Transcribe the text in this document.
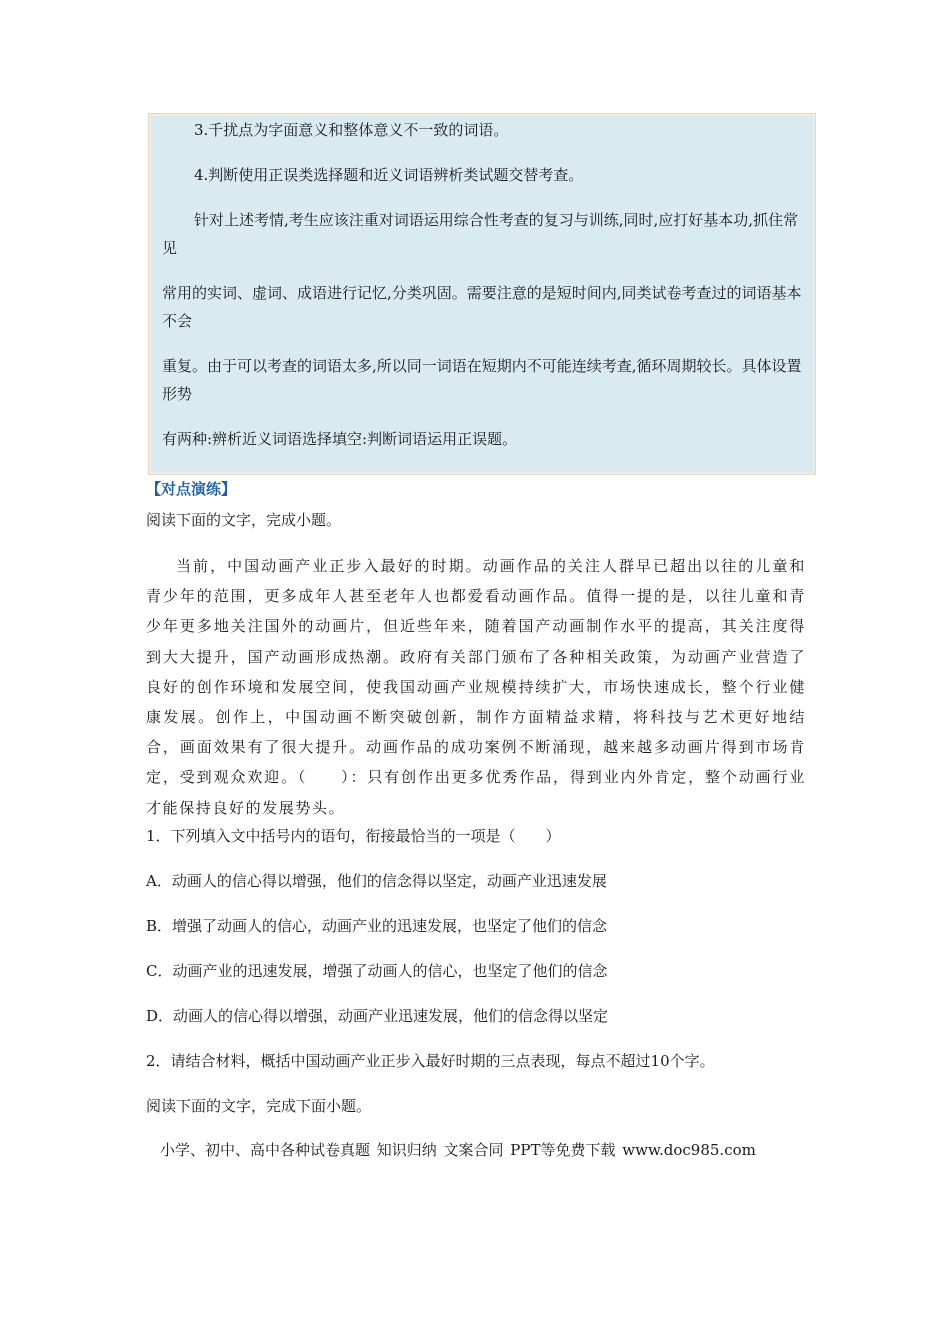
3.千扰点为字面意义和整体意义不一致的词语。

4.判断使用正误类选择题和近义词语辨析类试题交替考查。

针对上述考情,考生应该注重对词语运用综合性考查的复习与训练,同时,应打好基本功,抓住常见

常用的实词、虚词、成语进行记忆,分类巩固。需要注意的是短时间内,同类试卷考查过的词语基本不会

重复。由于可以考查的词语太多,所以同一词语在短期内不可能连续考查,循环周期较长。具体设置形势

有两种:辨析近义词语选择填空:判断词语运用正误题。

【对点演练】
阅读下面的文字，完成小题。

当前，中国动画产业正步入最好的时期。动画作品的关注人群早已超出以往的儿童和青少年的范围，更多成年人甚至老年人也都爱看动画作品。值得一提的是，以往儿童和青少年更多地关注国外的动画片，但近些年来，随着国产动画制作水平的提高，其关注度得到大大提升，国产动画形成热潮。政府有关部门颁布了各种相关政策，为动画产业营造了良好的创作环境和发展空间，使我国动画产业规模持续扩大，市场快速成长，整个行业健康发展。创作上，中国动画不断突破创新，制作方面精益求精，将科技与艺术更好地结合，画面效果有了很大提升。动画作品的成功案例不断涌现，越来越多动画片得到市场肯定，受到观众欢迎。（　　）：只有创作出更多优秀作品，得到业内外肯定，整个动画行业才能保持良好的发展势头。

1．下列填入文中括号内的语句，衔接最恰当的一项是（　　）
A．动画人的信心得以增强，他们的信念得以坚定，动画产业迅速发展
B．增强了动画人的信心，动画产业的迅速发展，也坚定了他们的信念
C．动画产业的迅速发展，增强了动画人的信心，也坚定了他们的信念
D．动画人的信心得以增强，动画产业迅速发展，他们的信念得以坚定
2．请结合材料，概括中国动画产业正步入最好时期的三点表现，每点不超过10个字。
阅读下面的文字，完成下面小题。
小学、初中、高中各种试卷真题 知识归纳 文案合同 PPT等免费下载 www.doc985.com
